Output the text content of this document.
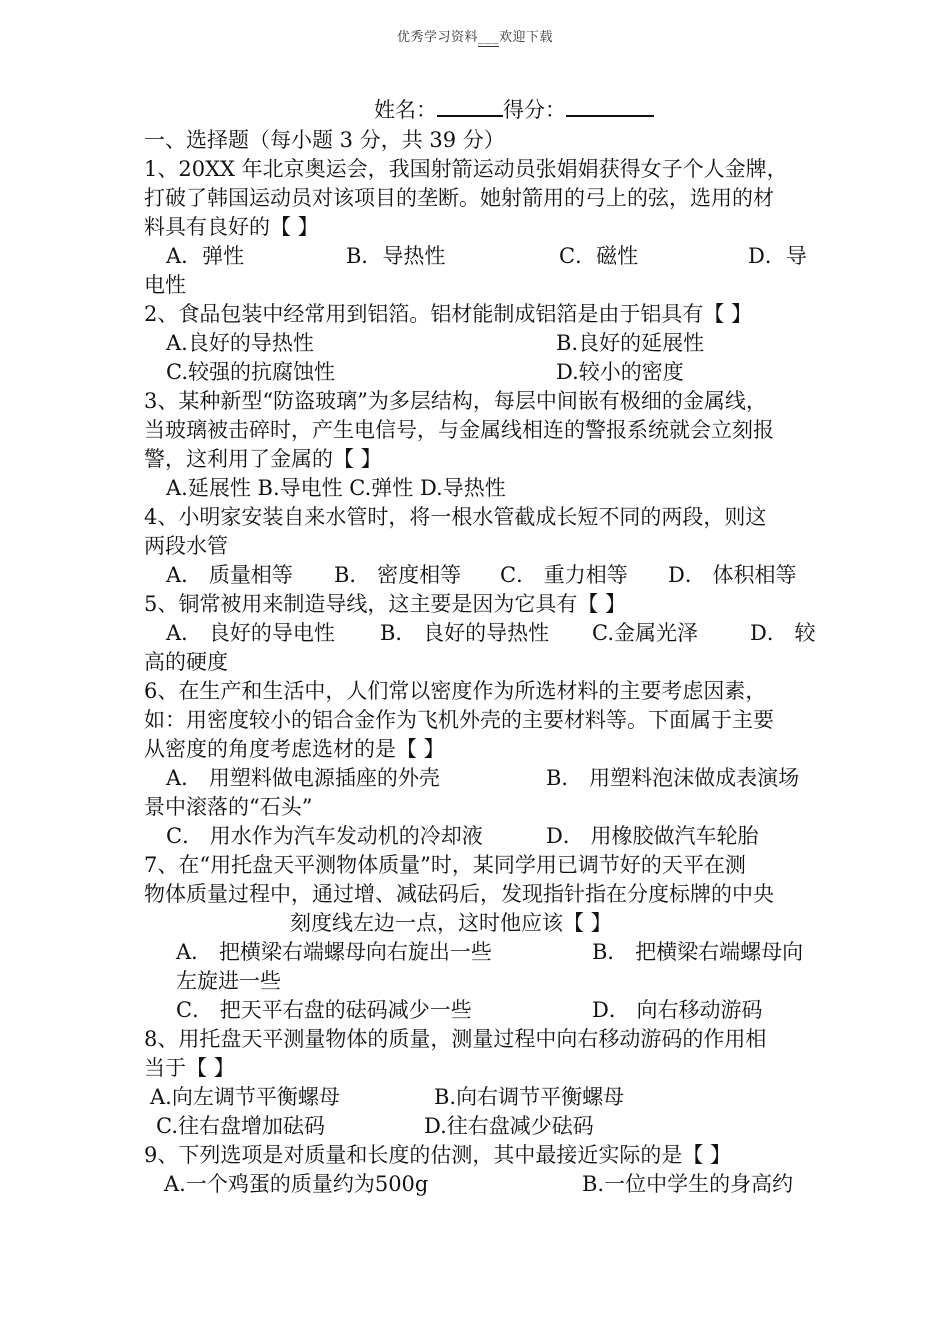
优秀学习资料___欢迎下载
姓名：	得分：
一、选择题（每小题 3 分，共 39 分）
1、20XX 年北京奥运会，我国射箭运动员张娟娟获得女子个人金牌，
打破了韩国运动员对该项目的垄断。她射箭用的弓上的弦，选用的材
料具有良好的【 】
A．弹性	B．导热性	C．磁性	D．导
电性
2、食品包装中经常用到铝箔。铝材能制成铝箔是由于铝具有【 】
A.良好的导热性	B.良好的延展性
C.较强的抗腐蚀性	D.较小的密度
3、某种新型“防盗玻璃”为多层结构，每层中间嵌有极细的金属线，
当玻璃被击碎时，产生电信号，与金属线相连的警报系统就会立刻报
警，这利用了金属的【 】
A.延展性 B.导电性 C.弹性 D.导热性
4、小明家安装自来水管时，将一根水管截成长短不同的两段，则这
两段水管
A． 质量相等 B． 密度相等 C． 重力相等 D． 体积相等
5、铜常被用来制造导线，这主要是因为它具有【 】
A． 良好的导电性 B． 良好的导热性 C.金属光泽 D． 较
高的硬度
6、在生产和生活中，人们常以密度作为所选材料的主要考虑因素，
如：用密度较小的铝合金作为飞机外壳的主要材料等。下面属于主要
从密度的角度考虑选材的是【 】
A． 用塑料做电源插座的外壳	B． 用塑料泡沫做成表演场
景中滚落的“石头”
C． 用水作为汽车发动机的冷却液	D． 用橡胶做汽车轮胎
7、在“用托盘天平测物体质量”时，某同学用已调节好的天平在测
物体质量过程中，通过增、减砝码后，发现指针指在分度标牌的中央
刻度线左边一点，这时他应该【 】
A． 把横梁右端螺母向右旋出一些	B． 把横梁右端螺母向
左旋进一些
C． 把天平右盘的砝码减少一些	D． 向右移动游码
8、用托盘天平测量物体的质量，测量过程中向右移动游码的作用相
当于【 】
A.向左调节平衡螺母	B.向右调节平衡螺母
C.往右盘增加砝码	D.往右盘减少砝码
9、下列选项是对质量和长度的估测，其中最接近实际的是【 】
A.一个鸡蛋的质量约为500g	B.一位中学生的身高约
